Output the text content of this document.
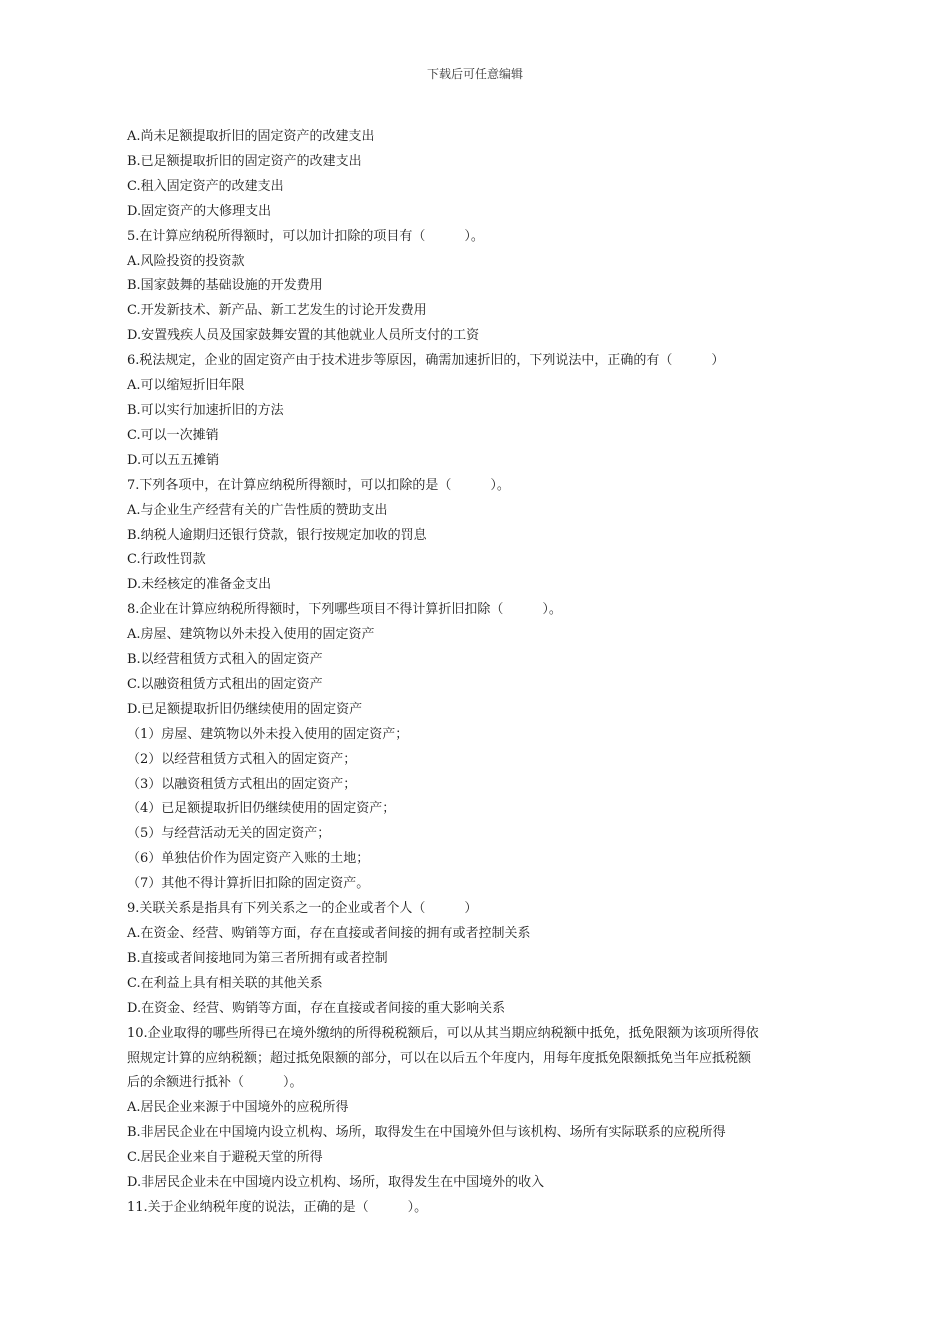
下载后可任意编辑

A.尚未足额提取折旧的固定资产的改建支出

B.已足额提取折旧的固定资产的改建支出

C.租入固定资产的改建支出

D.固定资产的大修理支出

5.在计算应纳税所得额时，可以加计扣除的项目有（　　　）。

A.风险投资的投资款

B.国家鼓舞的基础设施的开发费用

C.开发新技术、新产品、新工艺发生的讨论开发费用

D.安置残疾人员及国家鼓舞安置的其他就业人员所支付的工资

6.税法规定，企业的固定资产由于技术进步等原因，确需加速折旧的，下列说法中，正确的有（　　　）

A.可以缩短折旧年限

B.可以实行加速折旧的方法

C.可以一次摊销

D.可以五五摊销

7.下列各项中，在计算应纳税所得额时，可以扣除的是（　　　）。

A.与企业生产经营有关的广告性质的赞助支出

B.纳税人逾期归还银行贷款，银行按规定加收的罚息

C.行政性罚款

D.未经核定的准备金支出

8.企业在计算应纳税所得额时，下列哪些项目不得计算折旧扣除（　　　）。

A.房屋、建筑物以外未投入使用的固定资产

B.以经营租赁方式租入的固定资产

C.以融资租赁方式租出的固定资产

D.已足额提取折旧仍继续使用的固定资产

（1）房屋、建筑物以外未投入使用的固定资产；

（2）以经营租赁方式租入的固定资产；

（3）以融资租赁方式租出的固定资产；

（4）已足额提取折旧仍继续使用的固定资产；

（5）与经营活动无关的固定资产；

（6）单独估价作为固定资产入账的土地；

（7）其他不得计算折旧扣除的固定资产。

9.关联关系是指具有下列关系之一的企业或者个人（　　　）

A.在资金、经营、购销等方面，存在直接或者间接的拥有或者控制关系

B.直接或者间接地同为第三者所拥有或者控制

C.在利益上具有相关联的其他关系

D.在资金、经营、购销等方面，存在直接或者间接的重大影响关系

10.企业取得的哪些所得已在境外缴纳的所得税税额后，可以从其当期应纳税额中抵免，抵免限额为该项所得依

照规定计算的应纳税额；超过抵免限额的部分，可以在以后五个年度内，用每年度抵免限额抵免当年应抵税额

后的余额进行抵补（　　　）。

A.居民企业来源于中国境外的应税所得

B.非居民企业在中国境内设立机构、场所，取得发生在中国境外但与该机构、场所有实际联系的应税所得

C.居民企业来自于避税天堂的所得

D.非居民企业未在中国境内设立机构、场所，取得发生在中国境外的收入

11.关于企业纳税年度的说法，正确的是（　　　）。
